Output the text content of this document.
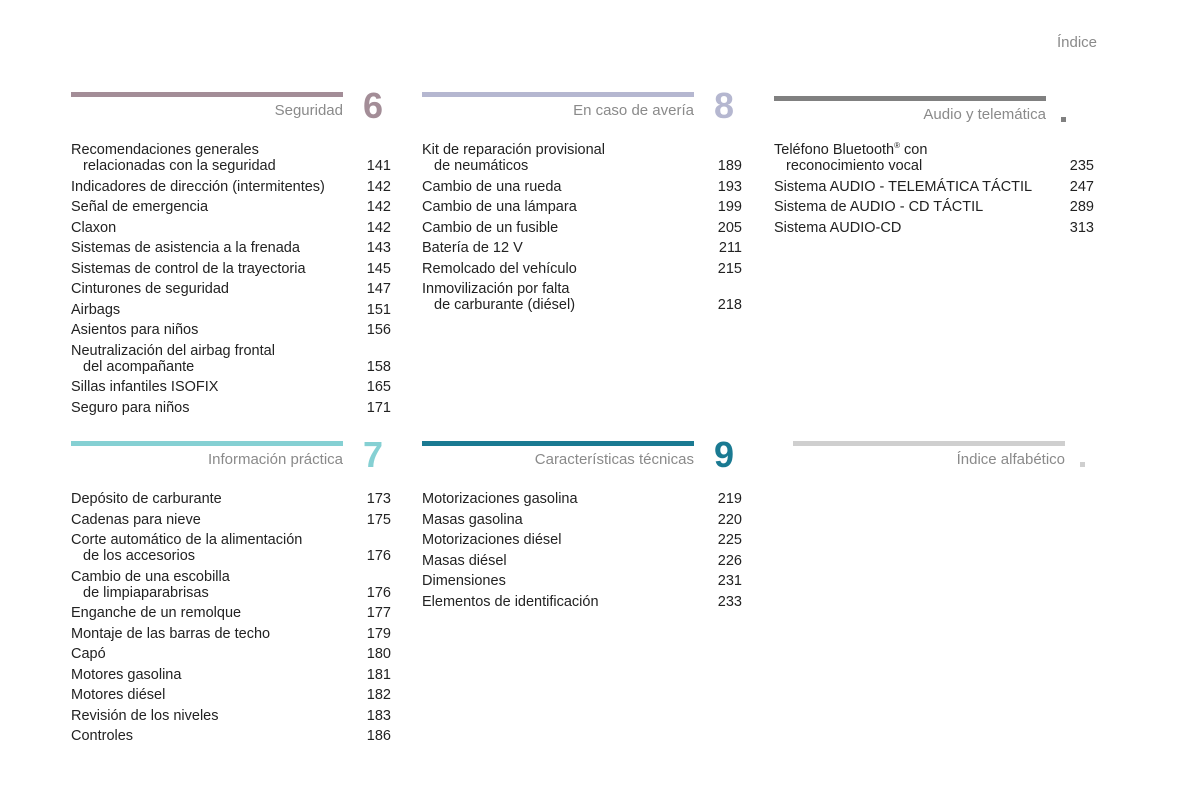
Índice
Seguridad 6
Recomendaciones generales
relacionadas con la seguridad	141
Indicadores de dirección (intermitentes)	142
Señal de emergencia	142
Claxon	142
Sistemas de asistencia a la frenada	143
Sistemas de control de la trayectoria	145
Cinturones de seguridad	147
Airbags	151
Asientos para niños	156
Neutralización del airbag frontal
del acompañante	158
Sillas infantiles ISOFIX	165
Seguro para niños	171
En caso de avería 8
Kit de reparación provisional
de neumáticos	189
Cambio de una rueda	193
Cambio de una lámpara	199
Cambio de un fusible	205
Batería de 12 V	211
Remolcado del vehículo	215
Inmovilización por falta
de carburante (diésel)	218
Audio y telemática
Teléfono Bluetooth® con
reconocimiento vocal	235
Sistema AUDIO - TELEMÁTICA TÁCTIL	247
Sistema de AUDIO - CD TÁCTIL	289
Sistema AUDIO-CD	313
Información práctica 7
Depósito de carburante	173
Cadenas para nieve	175
Corte automático de la alimentación
de los accesorios	176
Cambio de una escobilla
de limpiaparabrisas	176
Enganche de un remolque	177
Montaje de las barras de techo	179
Capó	180
Motores gasolina	181
Motores diésel	182
Revisión de los niveles	183
Controles	186
Características técnicas 9
Motorizaciones gasolina	219
Masas gasolina	220
Motorizaciones diésel	225
Masas diésel	226
Dimensiones	231
Elementos de identificación	233
Índice alfabético
